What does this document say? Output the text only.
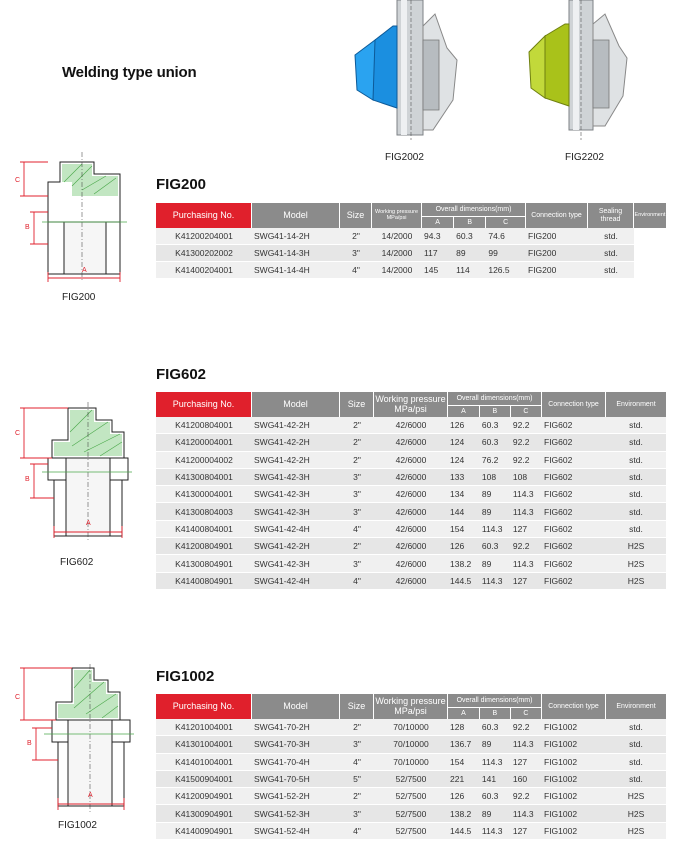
Welding type union
FIG2002	FIG2202
C
B
A
FIG200
FIG200
Purchasing No.	Model	Size	Working pressure MPa/psi	Overall dimensions(mm)			Connection type	Sealing thread	Environment
				A	B	C			
K41200204001	SWG41-14-2H	2"	14/2000	94.3	60.3	74.6	FIG200	std.	
K41300202002	SWG41-14-3H	3"	14/2000	117	89	99	FIG200	std.	
K41400204001	SWG41-14-4H	4"	14/2000	145	114	126.5	FIG200	std.	
C
B
A
FIG602
FIG602
Purchasing No.	Model	Size	Working pressure MPa/psi	Overall dimensions(mm)			Connection type	Environment
				A	B	C		
K41200804001	SWG41-42-2H	2"	42/6000	126	60.3	92.2	FIG602	std.
K41200004001	SWG41-42-2H	2"	42/6000	124	60.3	92.2	FIG602	std.
K41200004002	SWG41-42-2H	2"	42/6000	124	76.2	92.2	FIG602	std.
K41300804001	SWG41-42-3H	3"	42/6000	133	108	108	FIG602	std.
K41300004001	SWG41-42-3H	3"	42/6000	134	89	114.3	FIG602	std.
K41300804003	SWG41-42-3H	3"	42/6000	144	89	114.3	FIG602	std.
K41400804001	SWG41-42-4H	4"	42/6000	154	114.3	127	FIG602	std.
K41200804901	SWG41-42-2H	2"	42/6000	126	60.3	92.2	FIG602	H2S
K41300804901	SWG41-42-3H	3"	42/6000	138.2	89	114.3	FIG602	H2S
K41400804901	SWG41-42-4H	4"	42/6000	144.5	114.3	127	FIG602	H2S
C
B
A
FIG1002
FIG1002
Purchasing No.	Model	Size	Working pressure MPa/psi	Overall dimensions(mm)			Connection type	Environment
				A	B	C		
K41201004001	SWG41-70-2H	2"	70/10000	128	60.3	92.2	FIG1002	std.
K41301004001	SWG41-70-3H	3"	70/10000	136.7	89	114.3	FIG1002	std.
K41401004001	SWG41-70-4H	4"	70/10000	154	114.3	127	FIG1002	std.
K41500904001	SWG41-70-5H	5"	52/7500	221	141	160	FIG1002	std.
K41200904901	SWG41-52-2H	2"	52/7500	126	60.3	92.2	FIG1002	H2S
K41300904901	SWG41-52-3H	3"	52/7500	138.2	89	114.3	FIG1002	H2S
K41400904901	SWG41-52-4H	4"	52/7500	144.5	114.3	127	FIG1002	H2S
